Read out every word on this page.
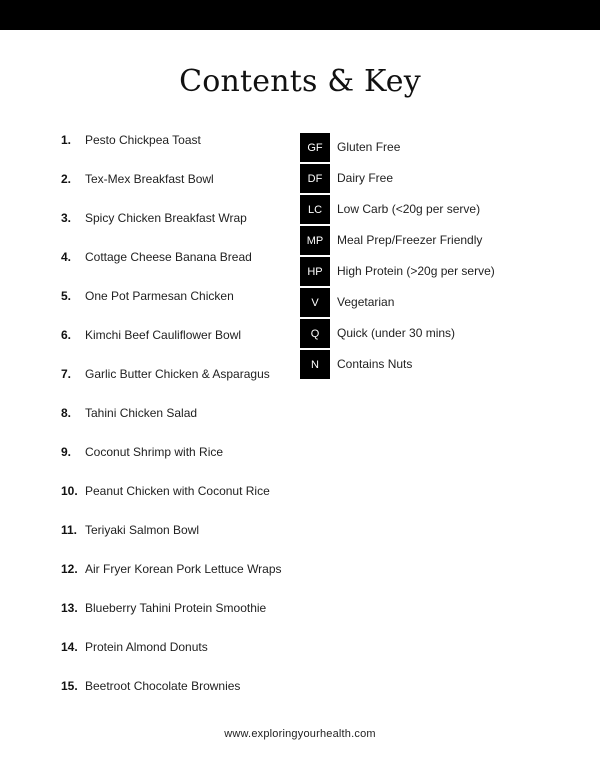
Contents & Key
1.	Pesto Chickpea Toast
2.	Tex-Mex Breakfast Bowl
3.	Spicy Chicken Breakfast Wrap
4.	Cottage Cheese Banana Bread
5.	One Pot Parmesan Chicken
6.	Kimchi Beef Cauliflower Bowl
7.	Garlic Butter Chicken & Asparagus
8.	Tahini Chicken Salad
9.	Coconut Shrimp with Rice
10. Peanut Chicken with Coconut Rice
11. Teriyaki Salmon Bowl
12. Air Fryer Korean Pork Lettuce Wraps
13. Blueberry Tahini Protein Smoothie
14. Protein Almond Donuts
15. Beetroot Chocolate Brownies
GF	Gluten Free
DF	Dairy Free
LC	Low Carb (<20g per serve)
MP	Meal Prep/Freezer Friendly
HP	High Protein (>20g per serve)
V	Vegetarian
Q	Quick (under 30 mins)
N	Contains Nuts
www.exploringyourhealth.com
